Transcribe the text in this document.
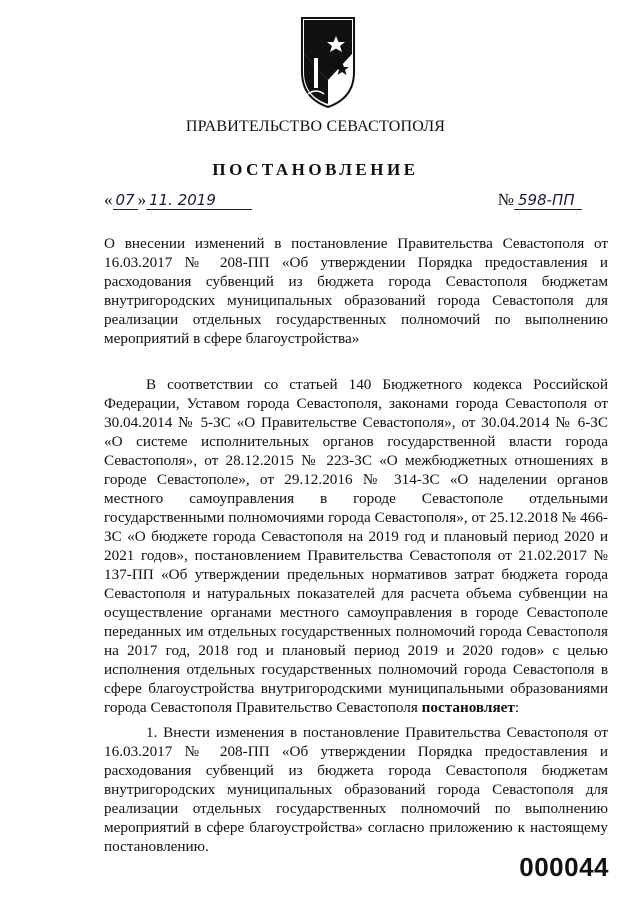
ПРАВИТЕЛЬСТВО СЕВАСТОПОЛЯ
ПОСТАНОВЛЕНИЕ
« 07 » 11. 2019	№ 598-ПП

О внесении изменений в постановление Правительства Севастополя от 16.03.2017 № 208-ПП «Об утверждении Порядка предоставления и расходования субвенций из бюджета города Севастополя бюджетам внутригородских муниципальных образований города Севастополя для реализации отдельных государственных полномочий по выполнению мероприятий в сфере благоустройства»

В соответствии со статьей 140 Бюджетного кодекса Российской Федерации, Уставом города Севастополя, законами города Севастополя от 30.04.2014 № 5-ЗС «О Правительстве Севастополя», от 30.04.2014 № 6-ЗС «О системе исполнительных органов государственной власти города Севастополя», от 28.12.2015 № 223-ЗС «О межбюджетных отношениях в городе Севастополе», от 29.12.2016 № 314-ЗС «О наделении органов местного самоуправления в городе Севастополе отдельными государственными полномочиями города Севастополя», от 25.12.2018 № 466-ЗС «О бюджете города Севастополя на 2019 год и плановый период 2020 и 2021 годов», постановлением Правительства Севастополя от 21.02.2017 № 137-ПП «Об утверждении предельных нормативов затрат бюджета города Севастополя и натуральных показателей для расчета объема субвенции на осуществление органами местного самоуправления в городе Севастополе переданных им отдельных государственных полномочий города Севастополя на 2017 год, 2018 год и плановый период 2019 и 2020 годов» с целью исполнения отдельных государственных полномочий города Севастополя в сфере благоустройства внутригородскими муниципальными образованиями города Севастополя Правительство Севастополя постановляет:

1. Внести изменения в постановление Правительства Севастополя от 16.03.2017 № 208-ПП «Об утверждении Порядка предоставления и расходования субвенций из бюджета города Севастополя бюджетам внутригородских муниципальных образований города Севастополя для реализации отдельных государственных полномочий по выполнению мероприятий в сфере благоустройства» согласно приложению к настоящему постановлению.

000044
